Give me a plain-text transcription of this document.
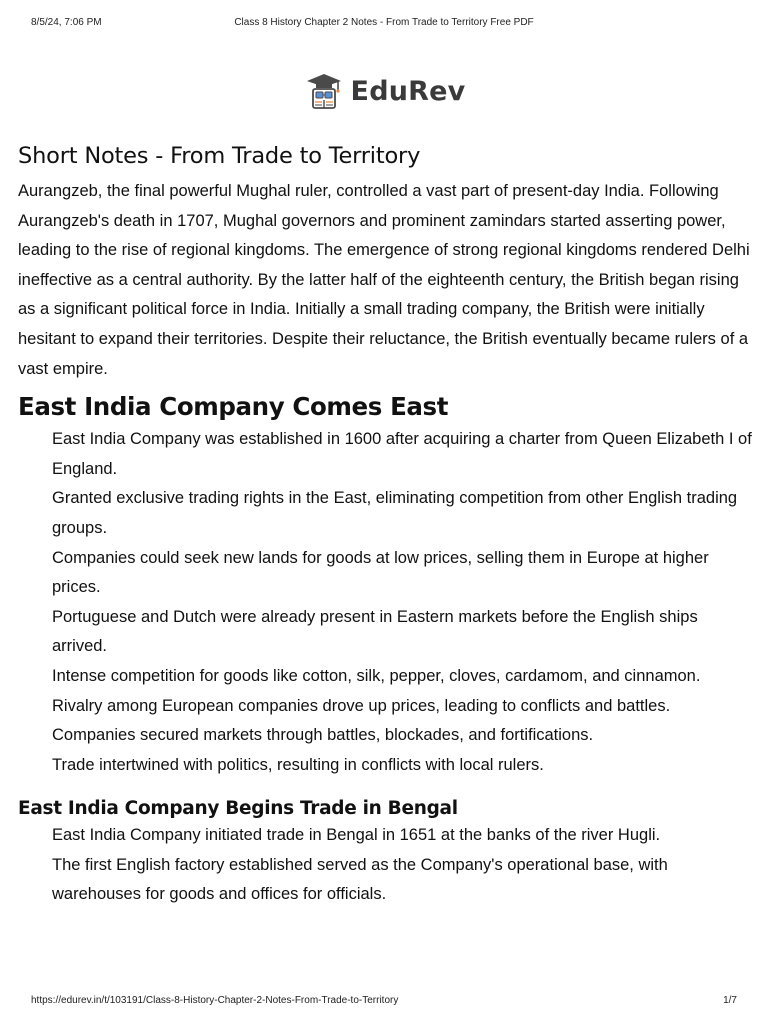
8/5/24, 7:06 PM	Class 8 History Chapter 2 Notes - From Trade to Territory Free PDF
EduRev
Short Notes - From Trade to Territory

Aurangzeb, the final powerful Mughal ruler, controlled a vast part of present-day India. Following Aurangzeb's death in 1707, Mughal governors and prominent zamindars started asserting power, leading to the rise of regional kingdoms. The emergence of strong regional kingdoms rendered Delhi ineffective as a central authority. By the latter half of the eighteenth century, the British began rising as a significant political force in India. Initially a small trading company, the British were initially hesitant to expand their territories. Despite their reluctance, the British eventually became rulers of a vast empire.

East India Company Comes East
East India Company was established in 1600 after acquiring a charter from Queen Elizabeth I of England.
Granted exclusive trading rights in the East, eliminating competition from other English trading groups.
Companies could seek new lands for goods at low prices, selling them in Europe at higher prices.
Portuguese and Dutch were already present in Eastern markets before the English ships arrived.
Intense competition for goods like cotton, silk, pepper, cloves, cardamom, and cinnamon.
Rivalry among European companies drove up prices, leading to conflicts and battles.
Companies secured markets through battles, blockades, and fortifications.
Trade intertwined with politics, resulting in conflicts with local rulers.
East India Company Begins Trade in Bengal
East India Company initiated trade in Bengal in 1651 at the banks of the river Hugli.
The first English factory established served as the Company's operational base, with warehouses for goods and offices for officials.
https://edurev.in/t/103191/Class-8-History-Chapter-2-Notes-From-Trade-to-Territory	1/7
